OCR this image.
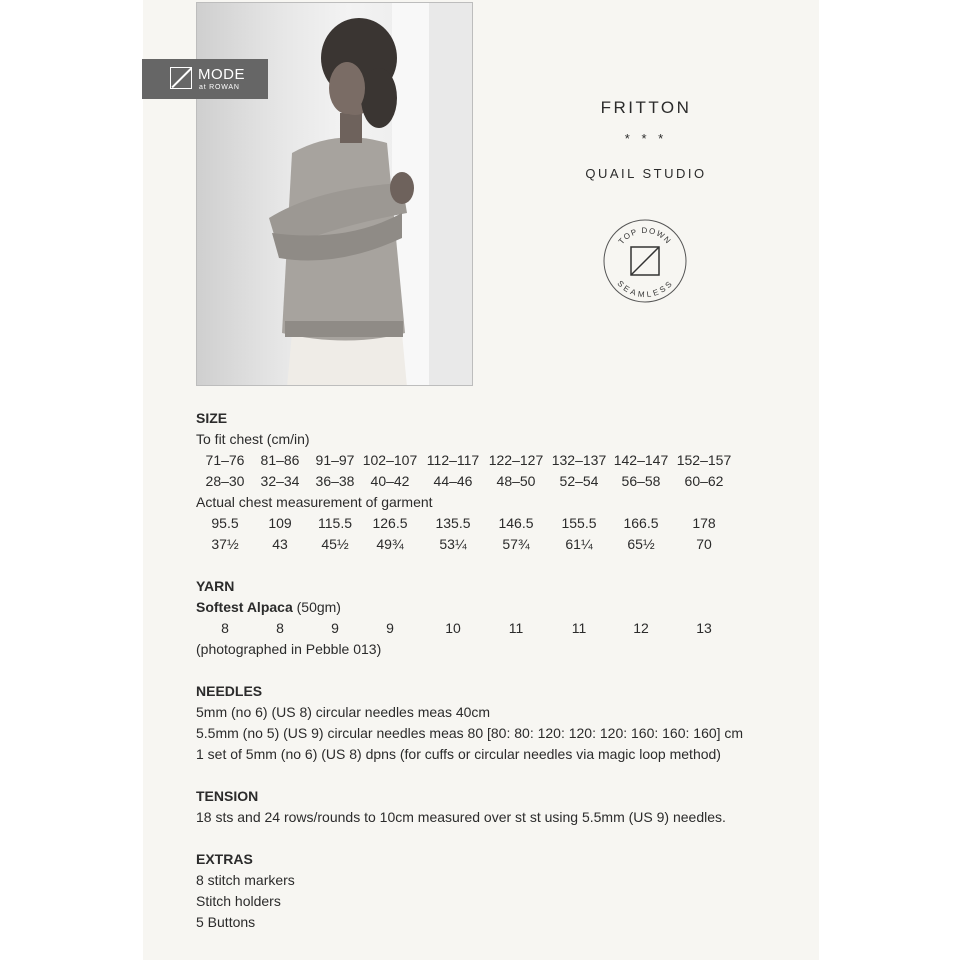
MODE
at ROWAN
FRITTON
* * *
QUAIL STUDIO
TOP DOWN
SEAMLESS
SIZE
To fit chest (cm/in)
71–76	81–86	91–97 102–107 112–117 122–127 132–137 142–147 152–157
28–30	32–34	36–38	40–42	44–46	48–50	52–54	56–58	60–62
Actual chest measurement of garment
95.5	109	115.5	126.5	135.5	146.5	155.5	166.5	178
37½	43	45½	49¾	53¼	57¾	61¼	65½	70
YARN
Softest Alpaca (50gm)
8	8	9	9	10	11	11	12	13
(photographed in Pebble 013)
NEEDLES
5mm (no 6) (US 8) circular needles meas 40cm
5.5mm (no 5) (US 9) circular needles meas 80 [80: 80: 120: 120: 120: 160: 160: 160] cm
1 set of 5mm (no 6) (US 8) dpns (for cuffs or circular needles via magic loop method)
TENSION
18 sts and 24 rows/rounds to 10cm measured over st st using 5.5mm (US 9) needles.
EXTRAS
8 stitch markers
Stitch holders
5 Buttons
